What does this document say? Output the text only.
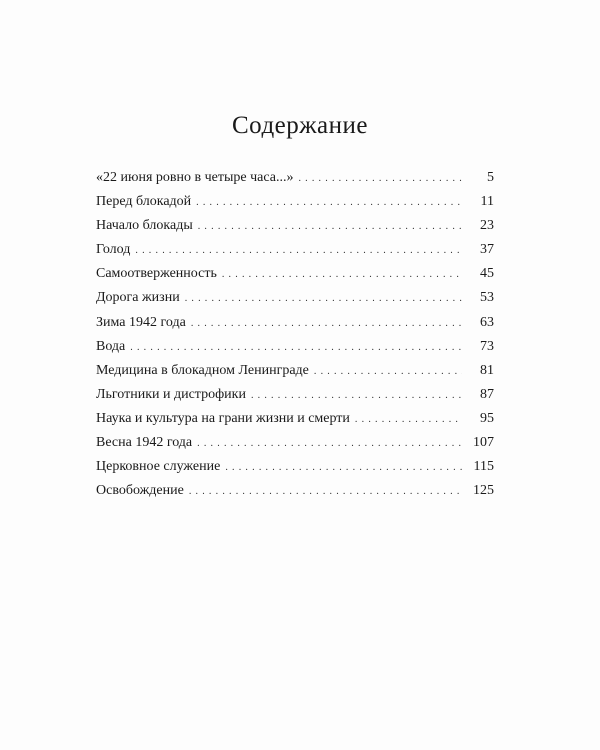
Содержание
«22 июня ровно в четыре часа...» .....	5
Перед блокадой .....	11
Начало блокады .....	23
Голод .....	37
Самоотверженность .....	45
Дорога жизни .....	53
Зима 1942 года .....	63
Вода .....	73
Медицина в блокадном Ленинграде .....	81
Льготники и дистрофики .....	87
Наука и культура на грани жизни и смерти .....	95
Весна 1942 года .....	107
Церковное служение .....	115
Освобождение .....	125
